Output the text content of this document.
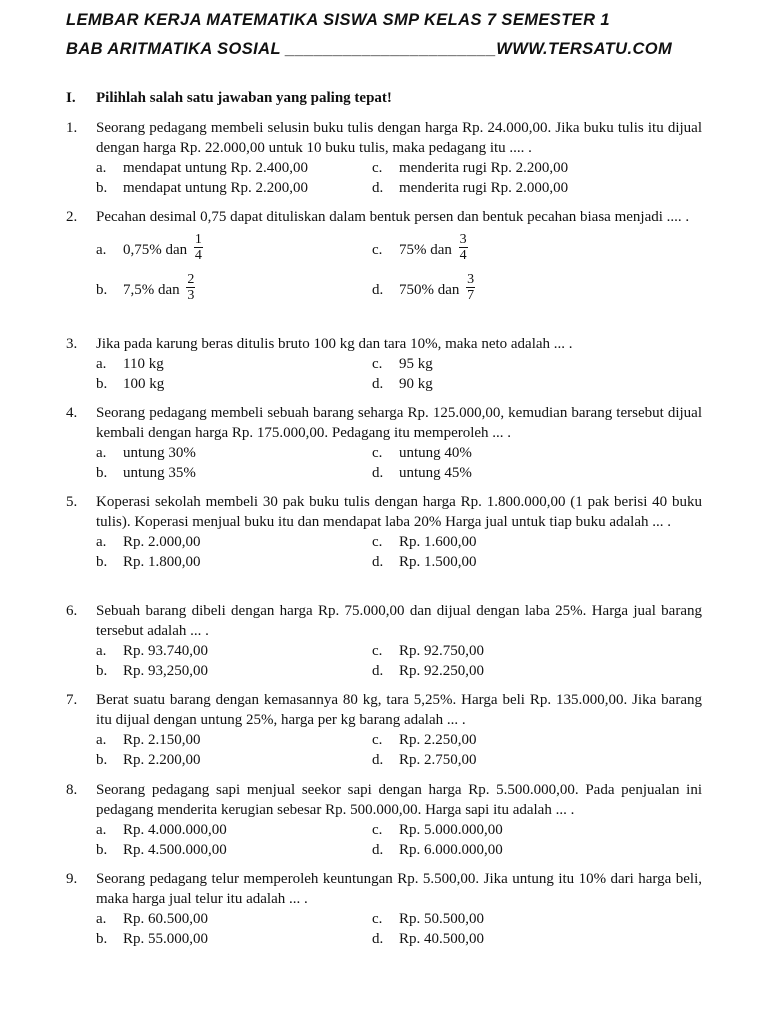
LEMBAR KERJA MATEMATIKA SISWA SMP KELAS 7 SEMESTER 1
BAB ARITMATIKA SOSIAL ______________________WWW.TERSATU.COM
I. Pilihlah salah satu jawaban yang paling tepat!
1. Seorang pedagang membeli selusin buku tulis dengan harga Rp. 24.000,00. Jika buku tulis itu dijual dengan harga Rp. 22.000,00 untuk 10 buku tulis, maka pedagang itu .... .
a. mendapat untung Rp. 2.400,00	c. menderita rugi Rp. 2.200,00
b. mendapat untung Rp. 2.200,00	d. menderita rugi Rp. 2.000,00
2. Pecahan desimal 0,75 dapat dituliskan dalam bentuk persen dan bentuk pecahan biasa menjadi .... .
a. 0,75% dan $\frac{1}{4}$	c. 75% dan $\frac{3}{4}$
b. 7,5% dan $\frac{2}{3}$	d. 750% dan $\frac{3}{7}$
3. Jika pada karung beras ditulis bruto 100 kg dan tara 10%, maka neto adalah ... .
a. 110 kg	c. 95 kg
b. 100 kg	d. 90 kg
4. Seorang pedagang membeli sebuah barang seharga Rp. 125.000,00, kemudian barang tersebut dijual kembali dengan harga Rp. 175.000,00. Pedagang itu memperoleh ... .
a. untung 30%	c. untung 40%
b. untung 35%	d. untung 45%
5. Koperasi sekolah membeli 30 pak buku tulis dengan harga Rp. 1.800.000,00 (1 pak berisi 40 buku tulis). Koperasi menjual buku itu dan mendapat laba 20% Harga jual untuk tiap buku adalah ... .
a. Rp. 2.000,00	c. Rp. 1.600,00
b. Rp. 1.800,00	d. Rp. 1.500,00
6. Sebuah barang dibeli dengan harga Rp. 75.000,00 dan dijual dengan laba 25%. Harga jual barang tersebut adalah ... .
a. Rp. 93.740,00	c. Rp. 92.750,00
b. Rp. 93,250,00	d. Rp. 92.250,00
7. Berat suatu barang dengan kemasannya 80 kg, tara 5,25%. Harga beli Rp. 135.000,00. Jika barang itu dijual dengan untung 25%, harga per kg barang adalah ... .
a. Rp. 2.150,00	c. Rp. 2.250,00
b. Rp. 2.200,00	d. Rp. 2.750,00
8. Seorang pedagang sapi menjual seekor sapi dengan harga Rp. 5.500.000,00. Pada penjualan ini pedagang menderita kerugian sebesar Rp. 500.000,00. Harga sapi itu adalah ... .
a. Rp. 4.000.000,00	c. Rp. 5.000.000,00
b. Rp. 4.500.000,00	d. Rp. 6.000.000,00
9. Seorang pedagang telur memperoleh keuntungan Rp. 5.500,00. Jika untung itu 10% dari harga beli, maka harga jual telur itu adalah ... .
a. Rp. 60.500,00	c. Rp. 50.500,00
b. Rp. 55.000,00	d. Rp. 40.500,00
